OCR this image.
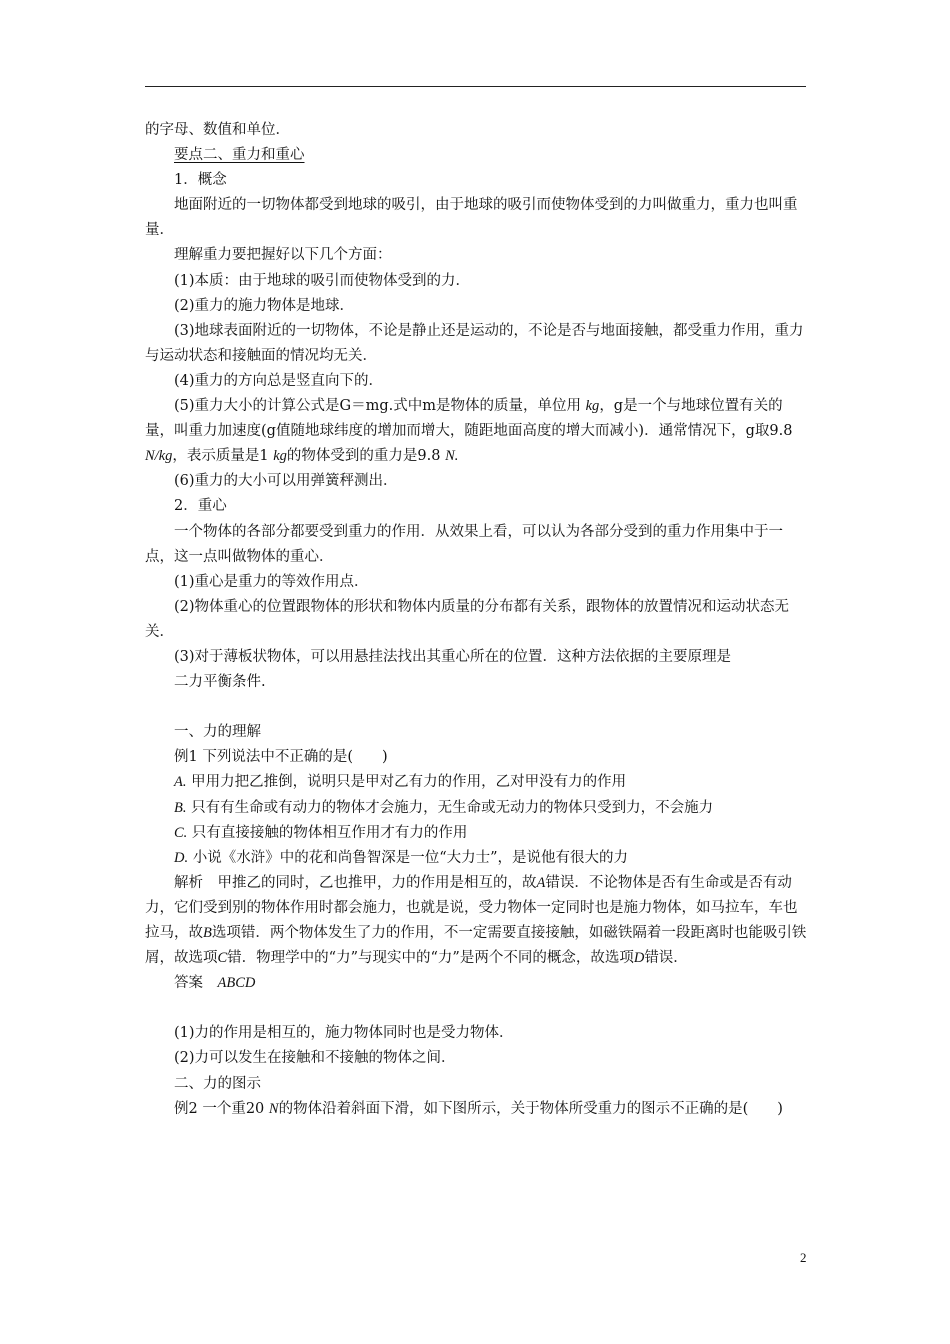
的字母、数值和单位．

要点二、重力和重心

1．概念

地面附近的一切物体都受到地球的吸引，由于地球的吸引而使物体受到的力叫做重力，重力也叫重量．

理解重力要把握好以下几个方面：

(1)本质：由于地球的吸引而使物体受到的力．

(2)重力的施力物体是地球．

(3)地球表面附近的一切物体，不论是静止还是运动的，不论是否与地面接触，都受重力作用，重力与运动状态和接触面的情况均无关．

(4)重力的方向总是竖直向下的．

(5)重力大小的计算公式是G＝mg.式中m是物体的质量，单位用 kg，g是一个与地球位置有关的量，叫重力加速度(g值随地球纬度的增加而增大，随距地面高度的增大而减小)．通常情况下，g取9.8 N/kg，表示质量是1 kg的物体受到的重力是9.8 N.

(6)重力的大小可以用弹簧秤测出．

2．重心

一个物体的各部分都要受到重力的作用．从效果上看，可以认为各部分受到的重力作用集中于一点，这一点叫做物体的重心．

(1)重心是重力的等效作用点．

(2)物体重心的位置跟物体的形状和物体内质量的分布都有关系，跟物体的放置情况和运动状态无关．

(3)对于薄板状物体，可以用悬挂法找出其重心所在的位置．这种方法依据的主要原理是

二力平衡条件.

一、力的理解

例1 下列说法中不正确的是(　　)

A. 甲用力把乙推倒，说明只是甲对乙有力的作用，乙对甲没有力的作用

B. 只有有生命或有动力的物体才会施力，无生命或无动力的物体只受到力，不会施力

C. 只有直接接触的物体相互作用才有力的作用

D. 小说《水浒》中的花和尚鲁智深是一位“大力士”，是说他有很大的力

解析　甲推乙的同时，乙也推甲，力的作用是相互的，故A错误．不论物体是否有生命或是否有动力，它们受到别的物体作用时都会施力，也就是说，受力物体一定同时也是施力物体，如马拉车，车也拉马，故B选项错．两个物体发生了力的作用，不一定需要直接接触，如磁铁隔着一段距离时也能吸引铁屑，故选项C错．物理学中的“力”与现实中的“力”是两个不同的概念，故选项D错误．

答案　ABCD

(1)力的作用是相互的，施力物体同时也是受力物体．

(2)力可以发生在接触和不接触的物体之间．

二、力的图示

例2 一个重20 N的物体沿着斜面下滑，如下图所示，关于物体所受重力的图示不正确的是(　　)

2
